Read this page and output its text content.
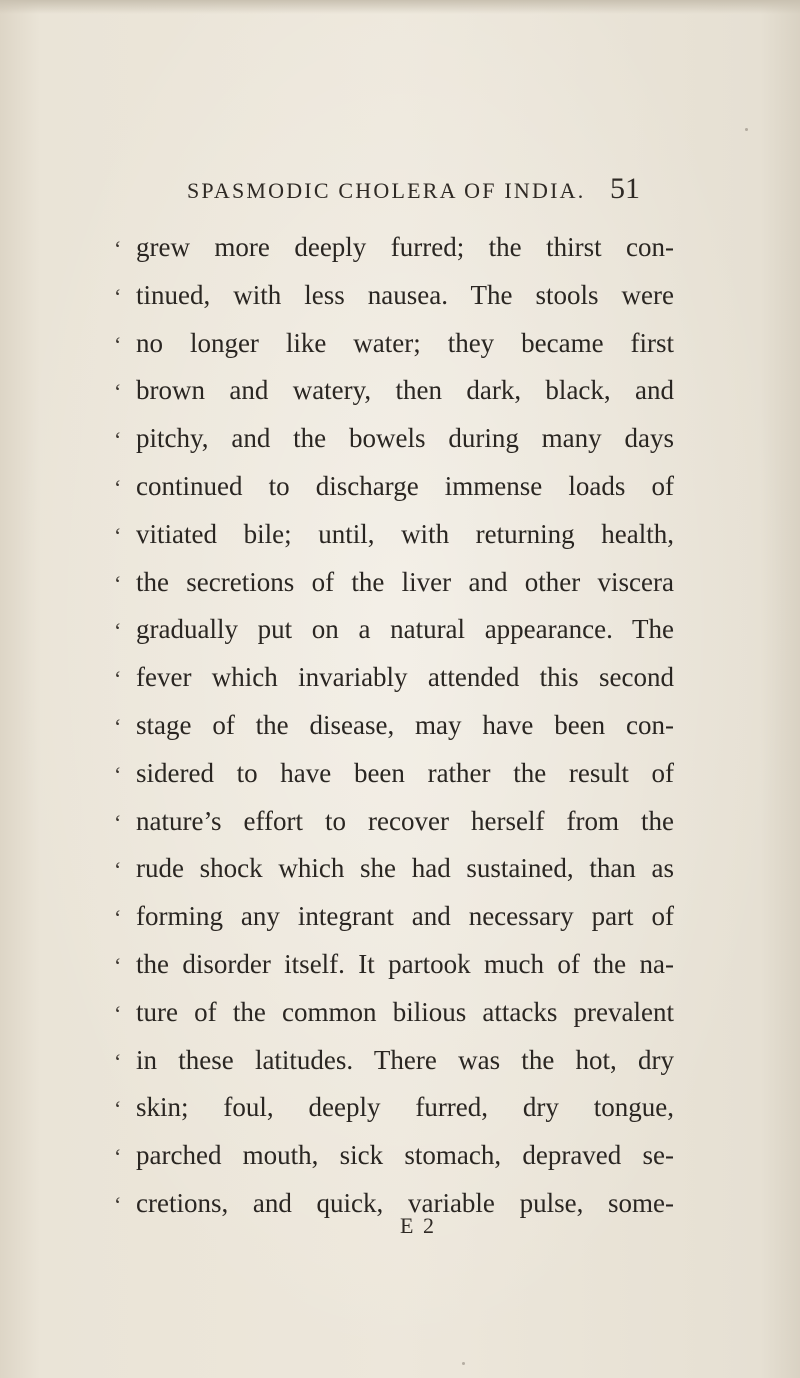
SPASMODIC CHOLERA OF INDIA. 51
‘ grew more deeply furred; the thirst con-
‘ tinued, with less nausea. The stools were
‘ no longer like water; they became first
‘ brown and watery, then dark, black, and
‘ pitchy, and the bowels during many days
‘ continued to discharge immense loads of
‘ vitiated bile; until, with returning health,
‘ the secretions of the liver and other viscera
‘ gradually put on a natural appearance. The
‘ fever which invariably attended this second
‘ stage of the disease, may have been con-
‘ sidered to have been rather the result of
‘ nature’s effort to recover herself from the
‘ rude shock which she had sustained, than as
‘ forming any integrant and necessary part of
‘ the disorder itself. It partook much of the na-
‘ ture of the common bilious attacks prevalent
‘ in these latitudes. There was the hot, dry
‘ skin; foul, deeply furred, dry tongue,
‘ parched mouth, sick stomach, depraved se-
‘ cretions, and quick, variable pulse, some-
E 2
